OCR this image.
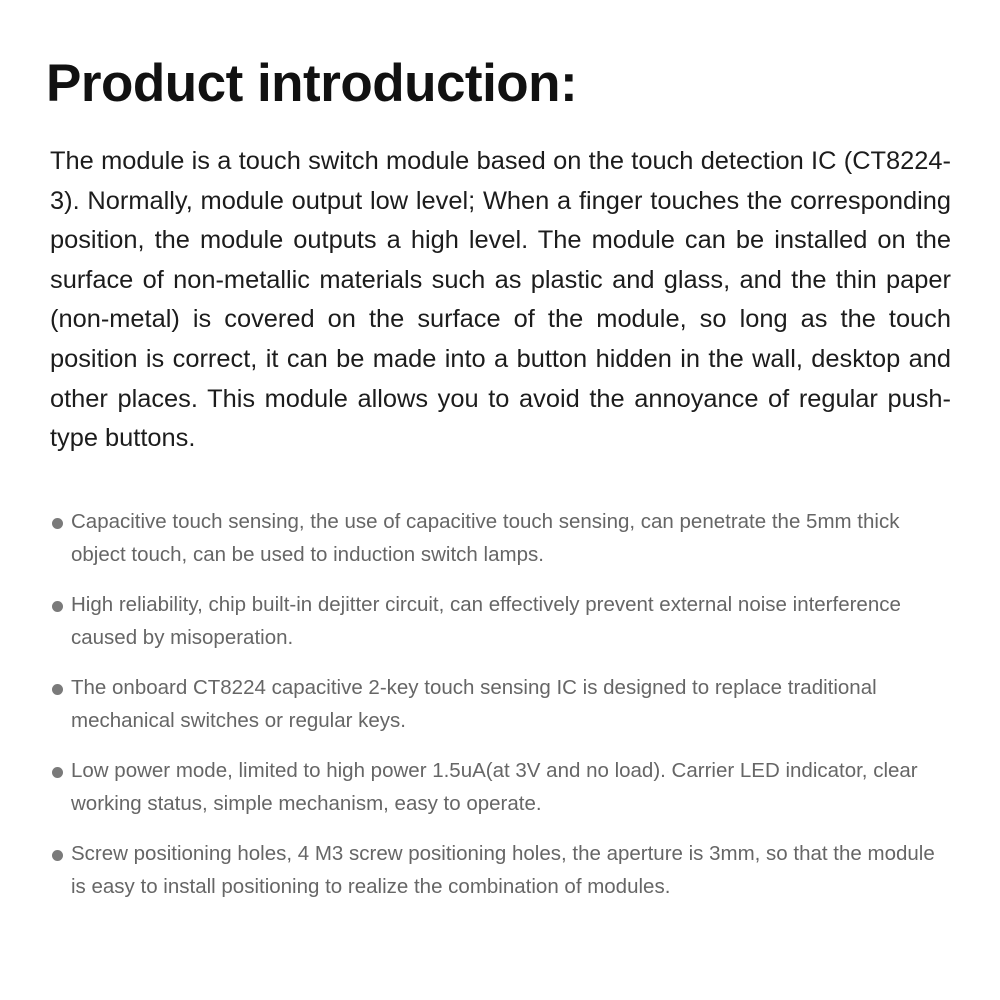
Product introduction:

The module is a touch switch module based on the touch detection IC (CT8224-3). Normally, module output low level; When a finger touches the corresponding position, the module outputs a high level. The module can be installed on the surface of non-metallic materials such as plastic and glass, and the thin paper (non-metal) is covered on the surface of the module, so long as the touch position is correct, it can be made into a button hidden in the wall, desktop and other places. This module allows you to avoid the annoyance of regular push-type buttons.

Capacitive touch sensing, the use of capacitive touch sensing, can penetrate the 5mm thick object touch, can be used to induction switch lamps.
High reliability, chip built-in dejitter circuit, can effectively prevent external noise interference caused by misoperation.
The onboard CT8224 capacitive 2-key touch sensing IC is designed to replace traditional mechanical switches or regular keys.
Low power mode, limited to high power 1.5uA(at 3V and no load). Carrier LED indicator, clear working status, simple mechanism, easy to operate.
Screw positioning holes, 4 M3 screw positioning holes, the aperture is 3mm, so that the module is easy to install positioning to realize the combination of modules.
